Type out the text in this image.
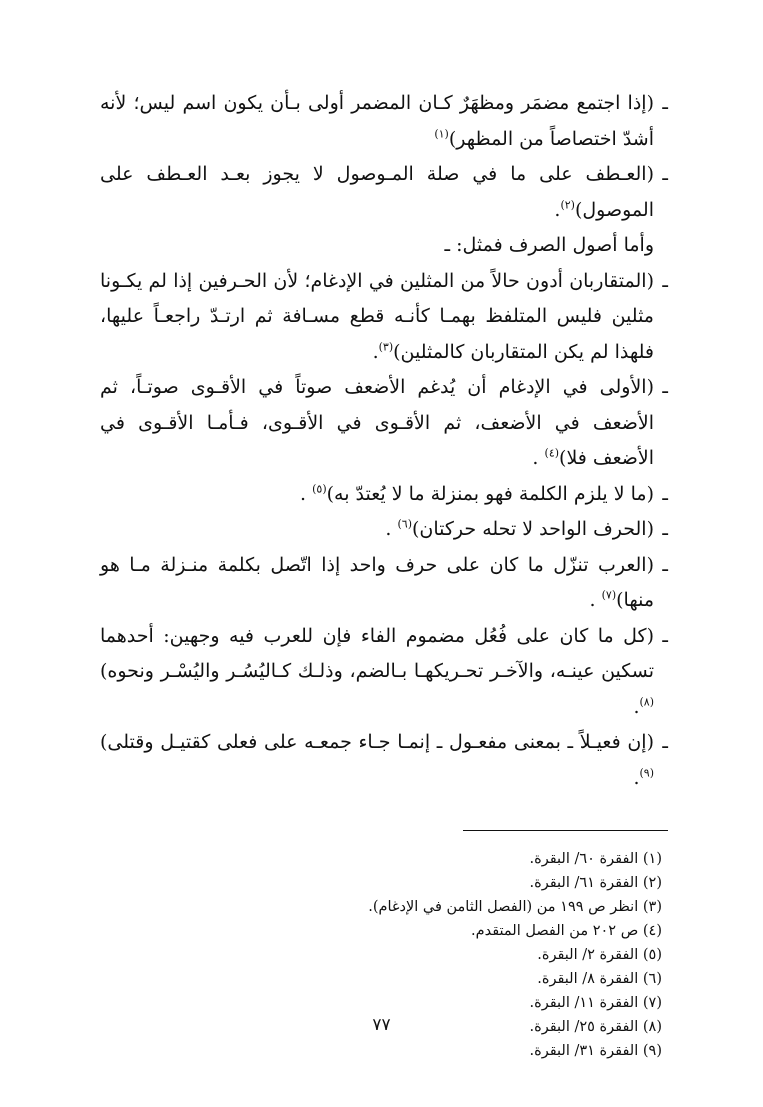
ـ
(إذا اجتمع مضمَر ومظهَرٌ كـان المضمر أولى بـأن يكون اسم ليس؛ لأنه أشدّ اختصاصاً من المظهر)$^{(١)}$

ـ
(العـطف على ما في صلة المـوصول لا يجوز بعـد العـطف على الموصول)$^{(٢)}$.

وأما أصول الصرف فمثل: ـ

ـ
(المتقاربان أدون حالاً من المثلين في الإدغام؛ لأن الحـرفين إذا لم يكـونا مثلين فليس المتلفظ بهمـا كأنـه قطع مسـافة ثم ارتـدّ راجعـاً عليها، فلهذا لم يكن المتقاربان كالمثلين)$^{(٣)}$.

ـ
(الأولى في الإدغام أن يُدغم الأضعف صوتاً في الأقـوى صوتـاً، ثم الأضعف في الأضعف، ثم الأقـوى في الأقـوى، فـأمـا الأقـوى في الأضعف فلا)$^{(٤)}$ .

ـ
(ما لا يلزم الكلمة فهو بمنزلة ما لا يُعتدّ به)$^{(٥)}$ .

ـ
(الحرف الواحد لا تحله حركتان)$^{(٦)}$ .

ـ
(العرب تنزّل ما كان على حرف واحد إذا اتّصل بكلمة منـزلة مـا هو منها)$^{(٧)}$ .

ـ
(كل ما كان على فُعُل مضموم الفاء فإن للعرب فيه وجهين: أحدهما تسكين عينـه، والآخـر تحـريكهـا بـالضم، وذلـك كـاليُسُـر واليُسْـر ونحوه)$^{(٨)}$.

ـ
(إن فعيـلاً ـ بمعنى مفعـول ـ إنمـا جـاء جمعـه على فعلى كقتيـل وقتلى)$^{(٩)}$.

(١) الفقرة ٦٠/ البقرة.

(٢) الفقرة ٦١/ البقرة.

(٣) انظر ص ١٩٩ من (الفصل الثامن في الإدغام).

(٤) ص ٢٠٢ من الفصل المتقدم.

(٥) الفقرة ٢/ البقرة.

(٦) الفقرة ٨/ البقرة.

(٧) الفقرة ١١/ البقرة.

(٨) الفقرة ٢٥/ البقرة.

(٩) الفقرة ٣١/ البقرة.

٧٧
